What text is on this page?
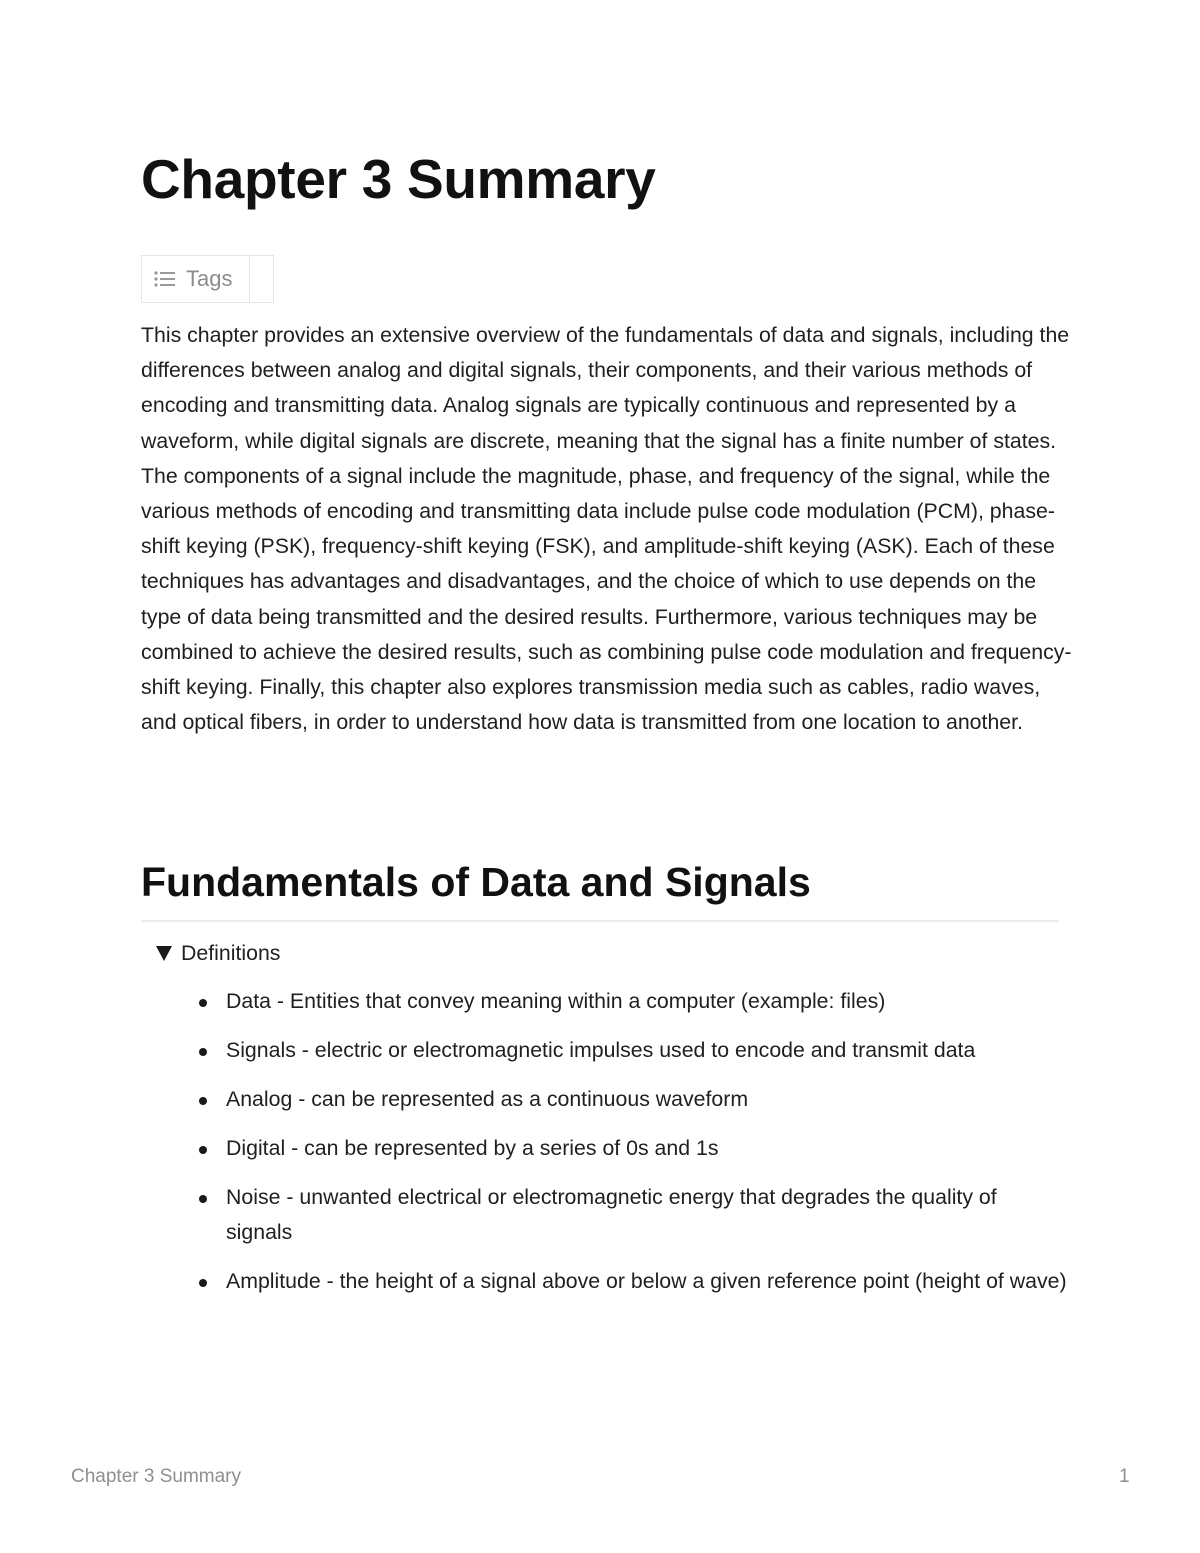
Chapter 3 Summary
Tags

This chapter provides an extensive overview of the fundamentals of data and signals, including the differences between analog and digital signals, their components, and their various methods of encoding and transmitting data. Analog signals are typically continuous and represented by a waveform, while digital signals are discrete, meaning that the signal has a finite number of states. The components of a signal include the magnitude, phase, and frequency of the signal, while the various methods of encoding and transmitting data include pulse code modulation (PCM), phase-shift keying (PSK), frequency-shift keying (FSK), and amplitude-shift keying (ASK). Each of these techniques has advantages and disadvantages, and the choice of which to use depends on the type of data being transmitted and the desired results. Furthermore, various techniques may be combined to achieve the desired results, such as combining pulse code modulation and frequency-shift keying. Finally, this chapter also explores transmission media such as cables, radio waves, and optical fibers, in order to understand how data is transmitted from one location to another.

Fundamentals of Data and Signals
Definitions
Data - Entities that convey meaning within a computer (example: files)
Signals - electric or electromagnetic impulses used to encode and transmit data
Analog - can be represented as a continuous waveform
Digital - can be represented by a series of 0s and 1s
Noise - unwanted electrical or electromagnetic energy that degrades the quality of signals
Amplitude - the height of a signal above or below a given reference point (height of wave)
Chapter 3 Summary	1
